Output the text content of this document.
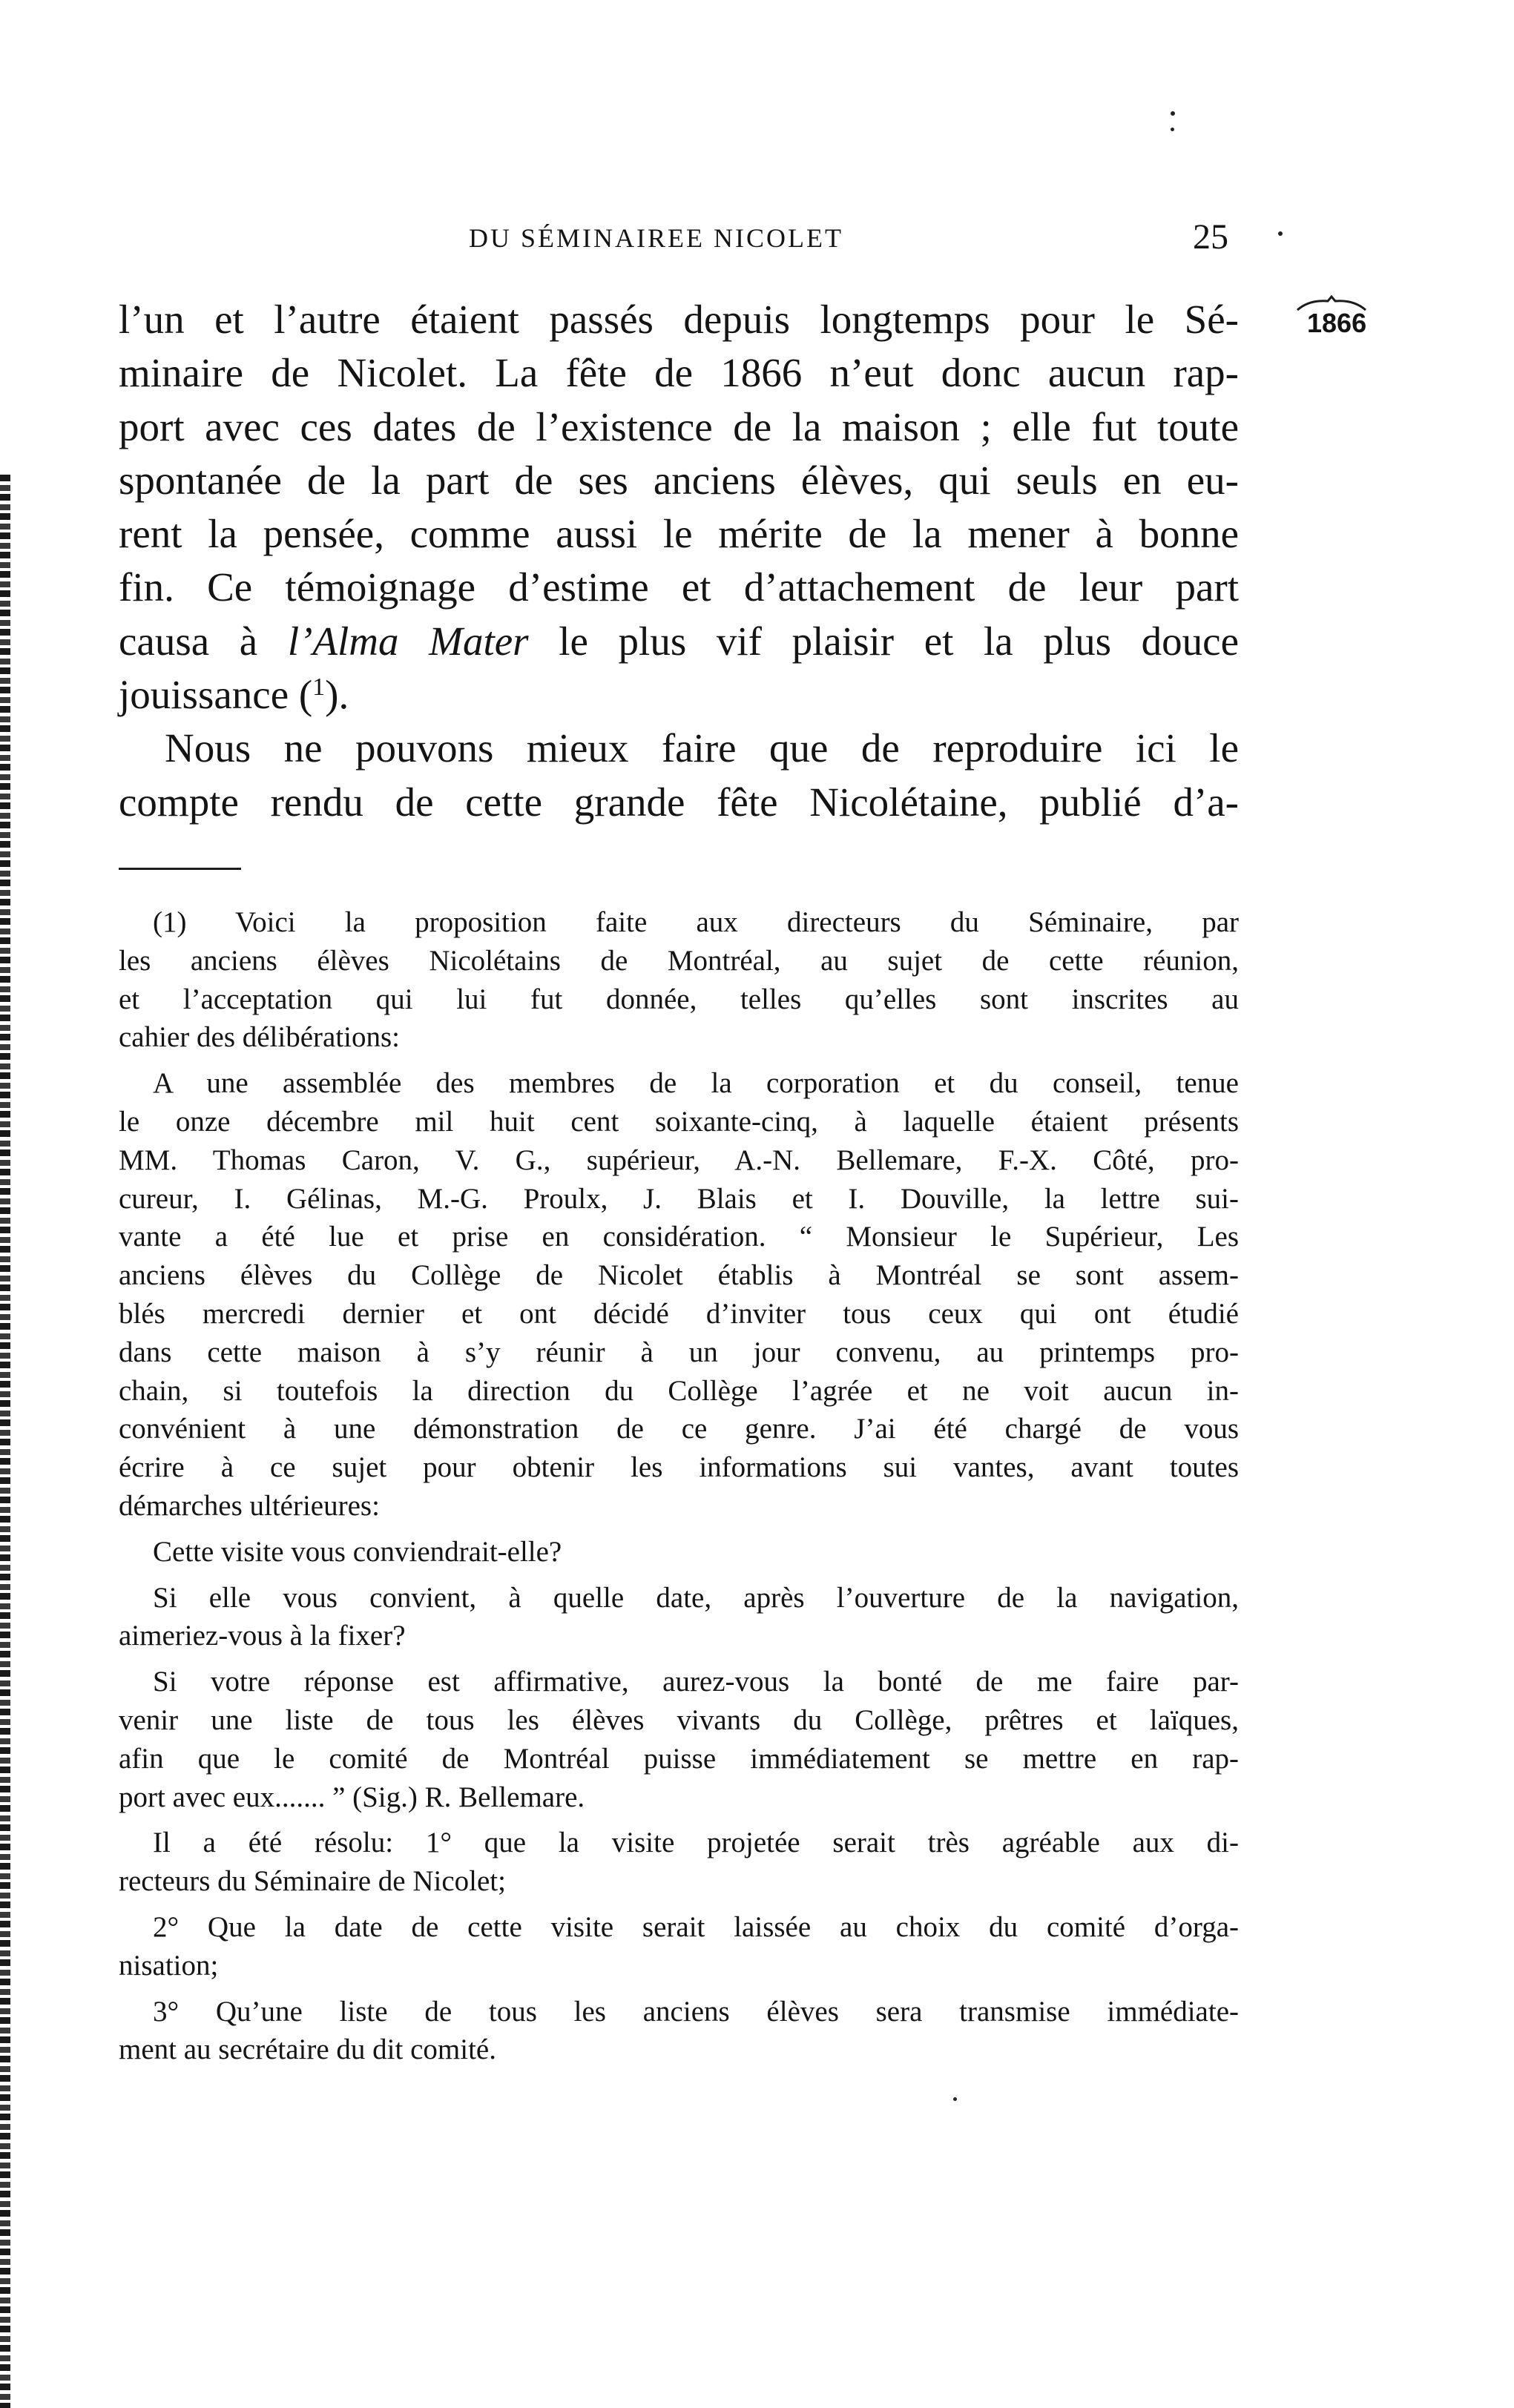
DU SÉMINAIREE NICOLET	25
1866

l’un et l’autre étaient passés depuis longtemps pour le Sé-

minaire de Nicolet. La fête de 1866 n’eut donc aucun rap-

port avec ces dates de l’existence de la maison ; elle fut toute

spontanée de la part de ses anciens élèves, qui seuls en eu-

rent la pensée, comme aussi le mérite de la mener à bonne

fin. Ce témoignage d’estime et d’attachement de leur part

causa à l’Alma Mater le plus vif plaisir et la plus douce

jouissance ($^1$).

Nous ne pouvons mieux faire que de reproduire ici le

compte rendu de cette grande fête Nicolétaine, publié d’a-

(1) Voici la proposition faite aux directeurs du Séminaire, par

les anciens élèves Nicolétains de Montréal, au sujet de cette réunion,

et l’acceptation qui lui fut donnée, telles qu’elles sont inscrites au

cahier des délibérations:

A une assemblée des membres de la corporation et du conseil, tenue

le onze décembre mil huit cent soixante-cinq, à laquelle étaient présents

MM. Thomas Caron, V. G., supérieur, A.-N. Bellemare, F.-X. Côté, pro-

cureur, I. Gélinas, M.-G. Proulx, J. Blais et I. Douville, la lettre sui-

vante a été lue et prise en considération. “ Monsieur le Supérieur, Les

anciens élèves du Collège de Nicolet établis à Montréal se sont assem-

blés mercredi dernier et ont décidé d’inviter tous ceux qui ont étudié

dans cette maison à s’y réunir à un jour convenu, au printemps pro-

chain, si toutefois la direction du Collège l’agrée et ne voit aucun in-

convénient à une démonstration de ce genre. J’ai été chargé de vous

écrire à ce sujet pour obtenir les informations sui vantes, avant toutes

démarches ultérieures:

Cette visite vous conviendrait-elle?

Si elle vous convient, à quelle date, après l’ouverture de la navigation,

aimeriez-vous à la fixer?

Si votre réponse est affirmative, aurez-vous la bonté de me faire par-

venir une liste de tous les élèves vivants du Collège, prêtres et laïques,

afin que le comité de Montréal puisse immédiatement se mettre en rap-

port avec eux....... ” (Sig.) R. Bellemare.

Il a été résolu: 1° que la visite projetée serait très agréable aux di-

recteurs du Séminaire de Nicolet;

2° Que la date de cette visite serait laissée au choix du comité d’orga-

nisation;

3° Qu’une liste de tous les anciens élèves sera transmise immédiate-

ment au secrétaire du dit comité.
